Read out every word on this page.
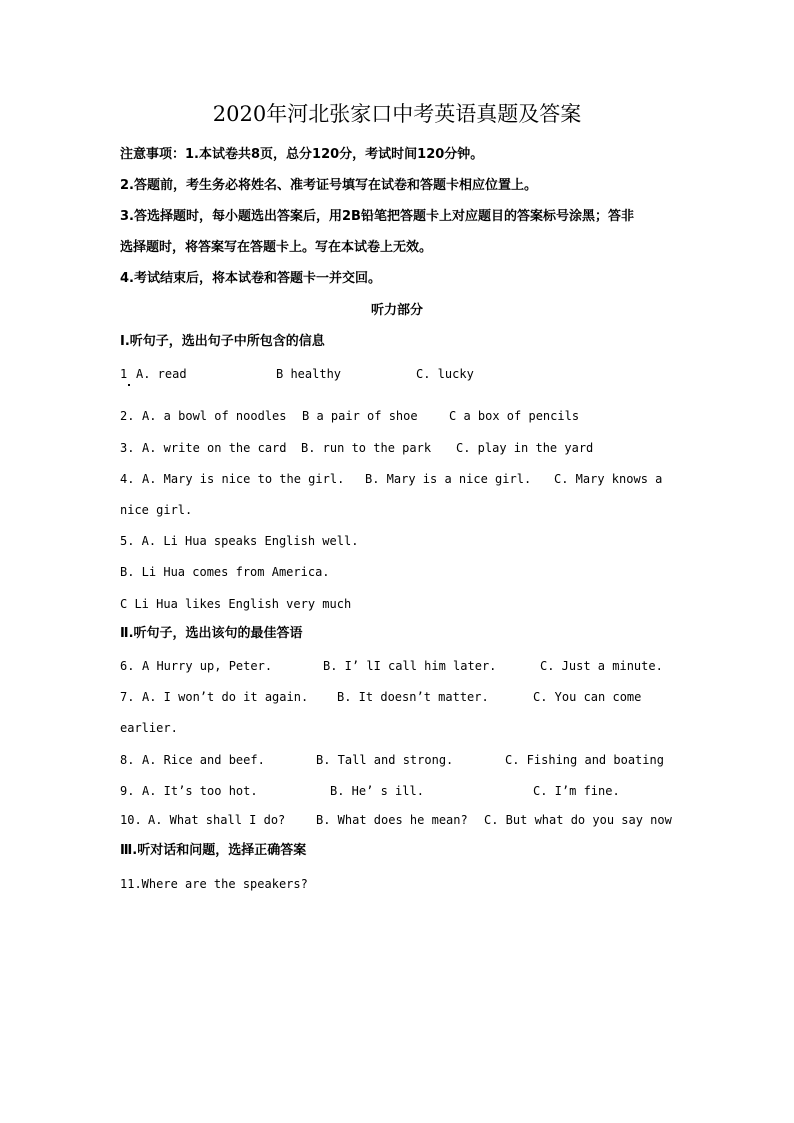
2020年河北张家口中考英语真题及答案
注意事项：1.本试卷共8页，总分120分，考试时间120分钟。
2.答题前，考生务必将姓名、准考证号填写在试卷和答题卡相应位置上。
3.答选择题时，每小题选出答案后，用2B铅笔把答题卡上对应题目的答案标号涂黑；答非
选择题时，将答案写在答题卡上。写在本试卷上无效。
4.考试结束后，将本试卷和答题卡一并交回。
听力部分
Ⅰ.听句子，选出句子中所包含的信息
1 A. read	B healthy	C. lucky
2. A. a bowl of noodles B a pair of shoe	C a box of pencils
3. A. write on the card B. run to the park C. play in the yard
4. A. Mary is nice to the girl. B. Mary is a nice girl. C. Mary knows a
nice girl.
5. A. Li Hua speaks English well.
B. Li Hua comes from America.
C Li Hua likes English very much
Ⅱ.听句子，选出该句的最佳答语
6. A Hurry up, Peter.	B. I’ lI call him later.	C. Just a minute.
7. A. I won’t do it again. B. It doesn’t matter.	C. You can come
earlier.
8. A. Rice and beef.	B. Tall and strong.	C. Fishing and boating
9. A. It’s too hot.	B. He’ s ill.	C. I’m fine.
10. A. What shall I do?	B. What does he mean? C. But what do you say now
Ⅲ.听对话和问题，选择正确答案
11.Where are the speakers?
